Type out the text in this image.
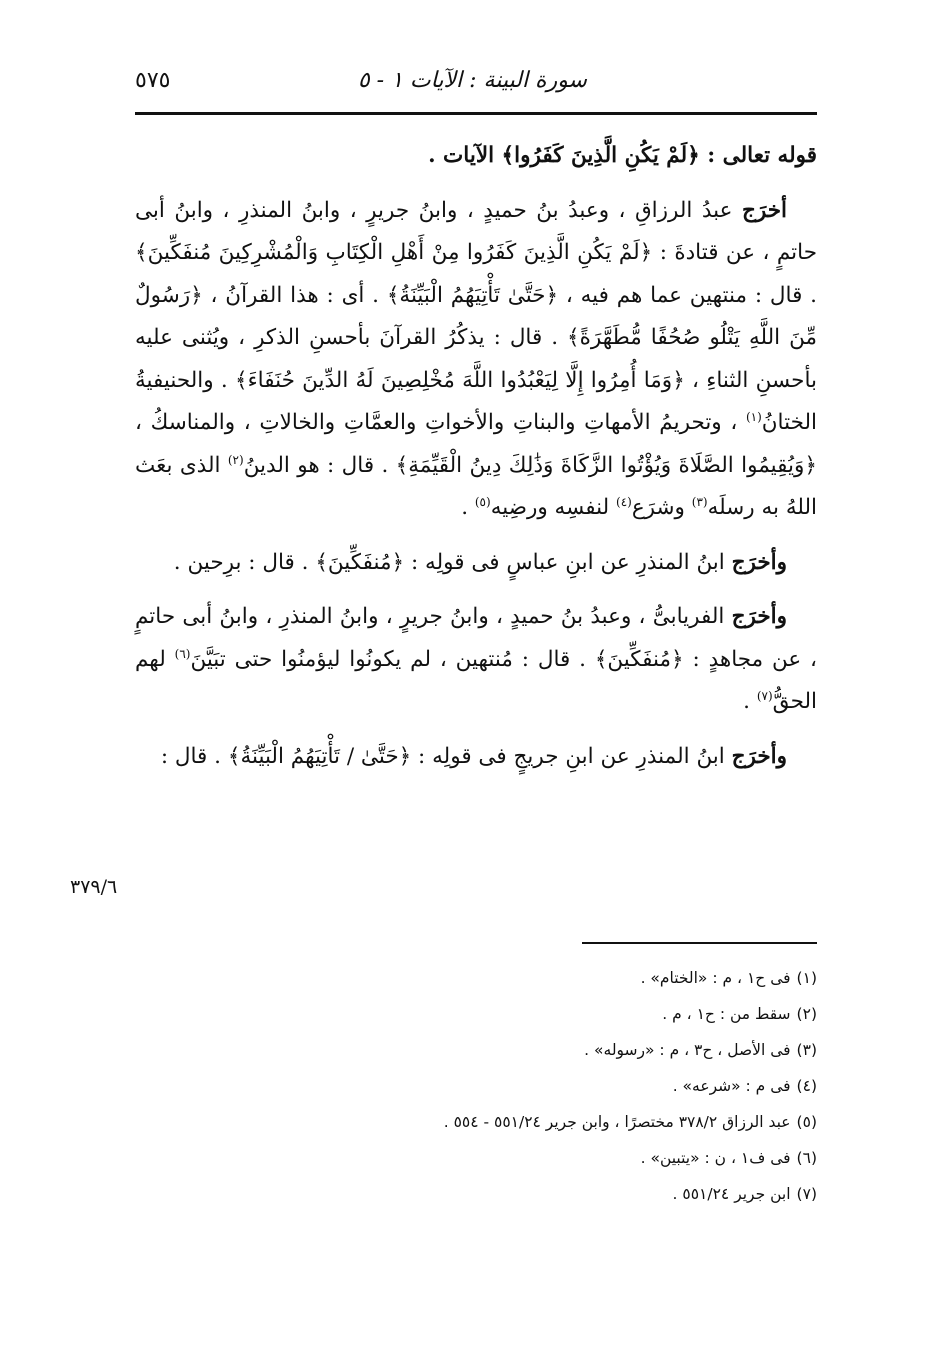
سورة البينة : الآيات ١ - ٥
٥٧٥

قوله تعالى : ﴿لَمْ يَكُنِ الَّذِينَ كَفَرُوا﴾ الآيات .

أخرَج عبدُ الرزاقِ ، وعبدُ بنُ حميدٍ ، وابنُ جريرٍ ، وابنُ المنذرِ ، وابنُ أبى حاتمٍ ، عن قتادةَ : ﴿لَمْ يَكُنِ الَّذِينَ كَفَرُوا مِنْ أَهْلِ الْكِتَابِ وَالْمُشْرِكِينَ مُنفَكِّينَ﴾ . قال : منتهين عما هم فيه ، ﴿حَتَّىٰ تَأْتِيَهُمُ الْبَيِّنَةُ﴾ . أى : هذا القرآنُ ، ﴿رَسُولٌ مِّنَ اللَّهِ يَتْلُو صُحُفًا مُّطَهَّرَةً﴾ . قال : يذكُرُ القرآنَ بأحسنِ الذكرِ ، ويُثنى عليه بأحسنِ الثناءِ ، ﴿وَمَا أُمِرُوا إِلَّا لِيَعْبُدُوا اللَّهَ مُخْلِصِينَ لَهُ الدِّينَ حُنَفَاءَ﴾ . والحنيفيةُ الختانُ$^{(١)}$ ، وتحريمُ الأمهاتِ والبناتِ والأخواتِ والعمَّاتِ والخالاتِ ، والمناسكُ ، ﴿وَيُقِيمُوا الصَّلَاةَ وَيُؤْتُوا الزَّكَاةَ وَذَٰلِكَ دِينُ الْقَيِّمَةِ﴾ . قال : هو الدينُ$^{(٢)}$ الذى بعَث اللهُ به رسلَه$^{(٣)}$ وشرَع$^{(٤)}$ لنفسِه ورضِيه$^{(٥)}$ .

وأخرَج ابنُ المنذرِ عن ابنِ عباسٍ فى قولِه : ﴿مُنفَكِّينَ﴾ . قال : برِحين .

وأخرَج الفريابىُّ ، وعبدُ بنُ حميدٍ ، وابنُ جريرٍ ، وابنُ المنذرِ ، وابنُ أبى حاتمٍ ، عن مجاهدٍ : ﴿مُنفَكِّينَ﴾ . قال : مُنتهين ، لم يكونُوا ليؤمنُوا حتى تبَيَّنَ$^{(٦)}$ لهم الحقُّ$^{(٧)}$ .

وأخرَج ابنُ المنذرِ عن ابنِ جريجٍ فى قولِه : ﴿حَتَّىٰ / تَأْتِيَهُمُ الْبَيِّنَةُ﴾ . قال :

٣٧٩/٦
(١)فى ح١ ، م : «الختام» .
(٢)سقط من : ح١ ، م .
(٣)فى الأصل ، ح٣ ، م : «رسوله» .
(٤)فى م : «شرعه» .
(٥)عبد الرزاق ٣٧٨/٢ مختصرًا ، وابن جرير ٥٥١/٢٤ - ٥٥٤ .
(٦)فى ف١ ، ن : «يتبين» .
(٧)ابن جرير ٥٥١/٢٤ .
